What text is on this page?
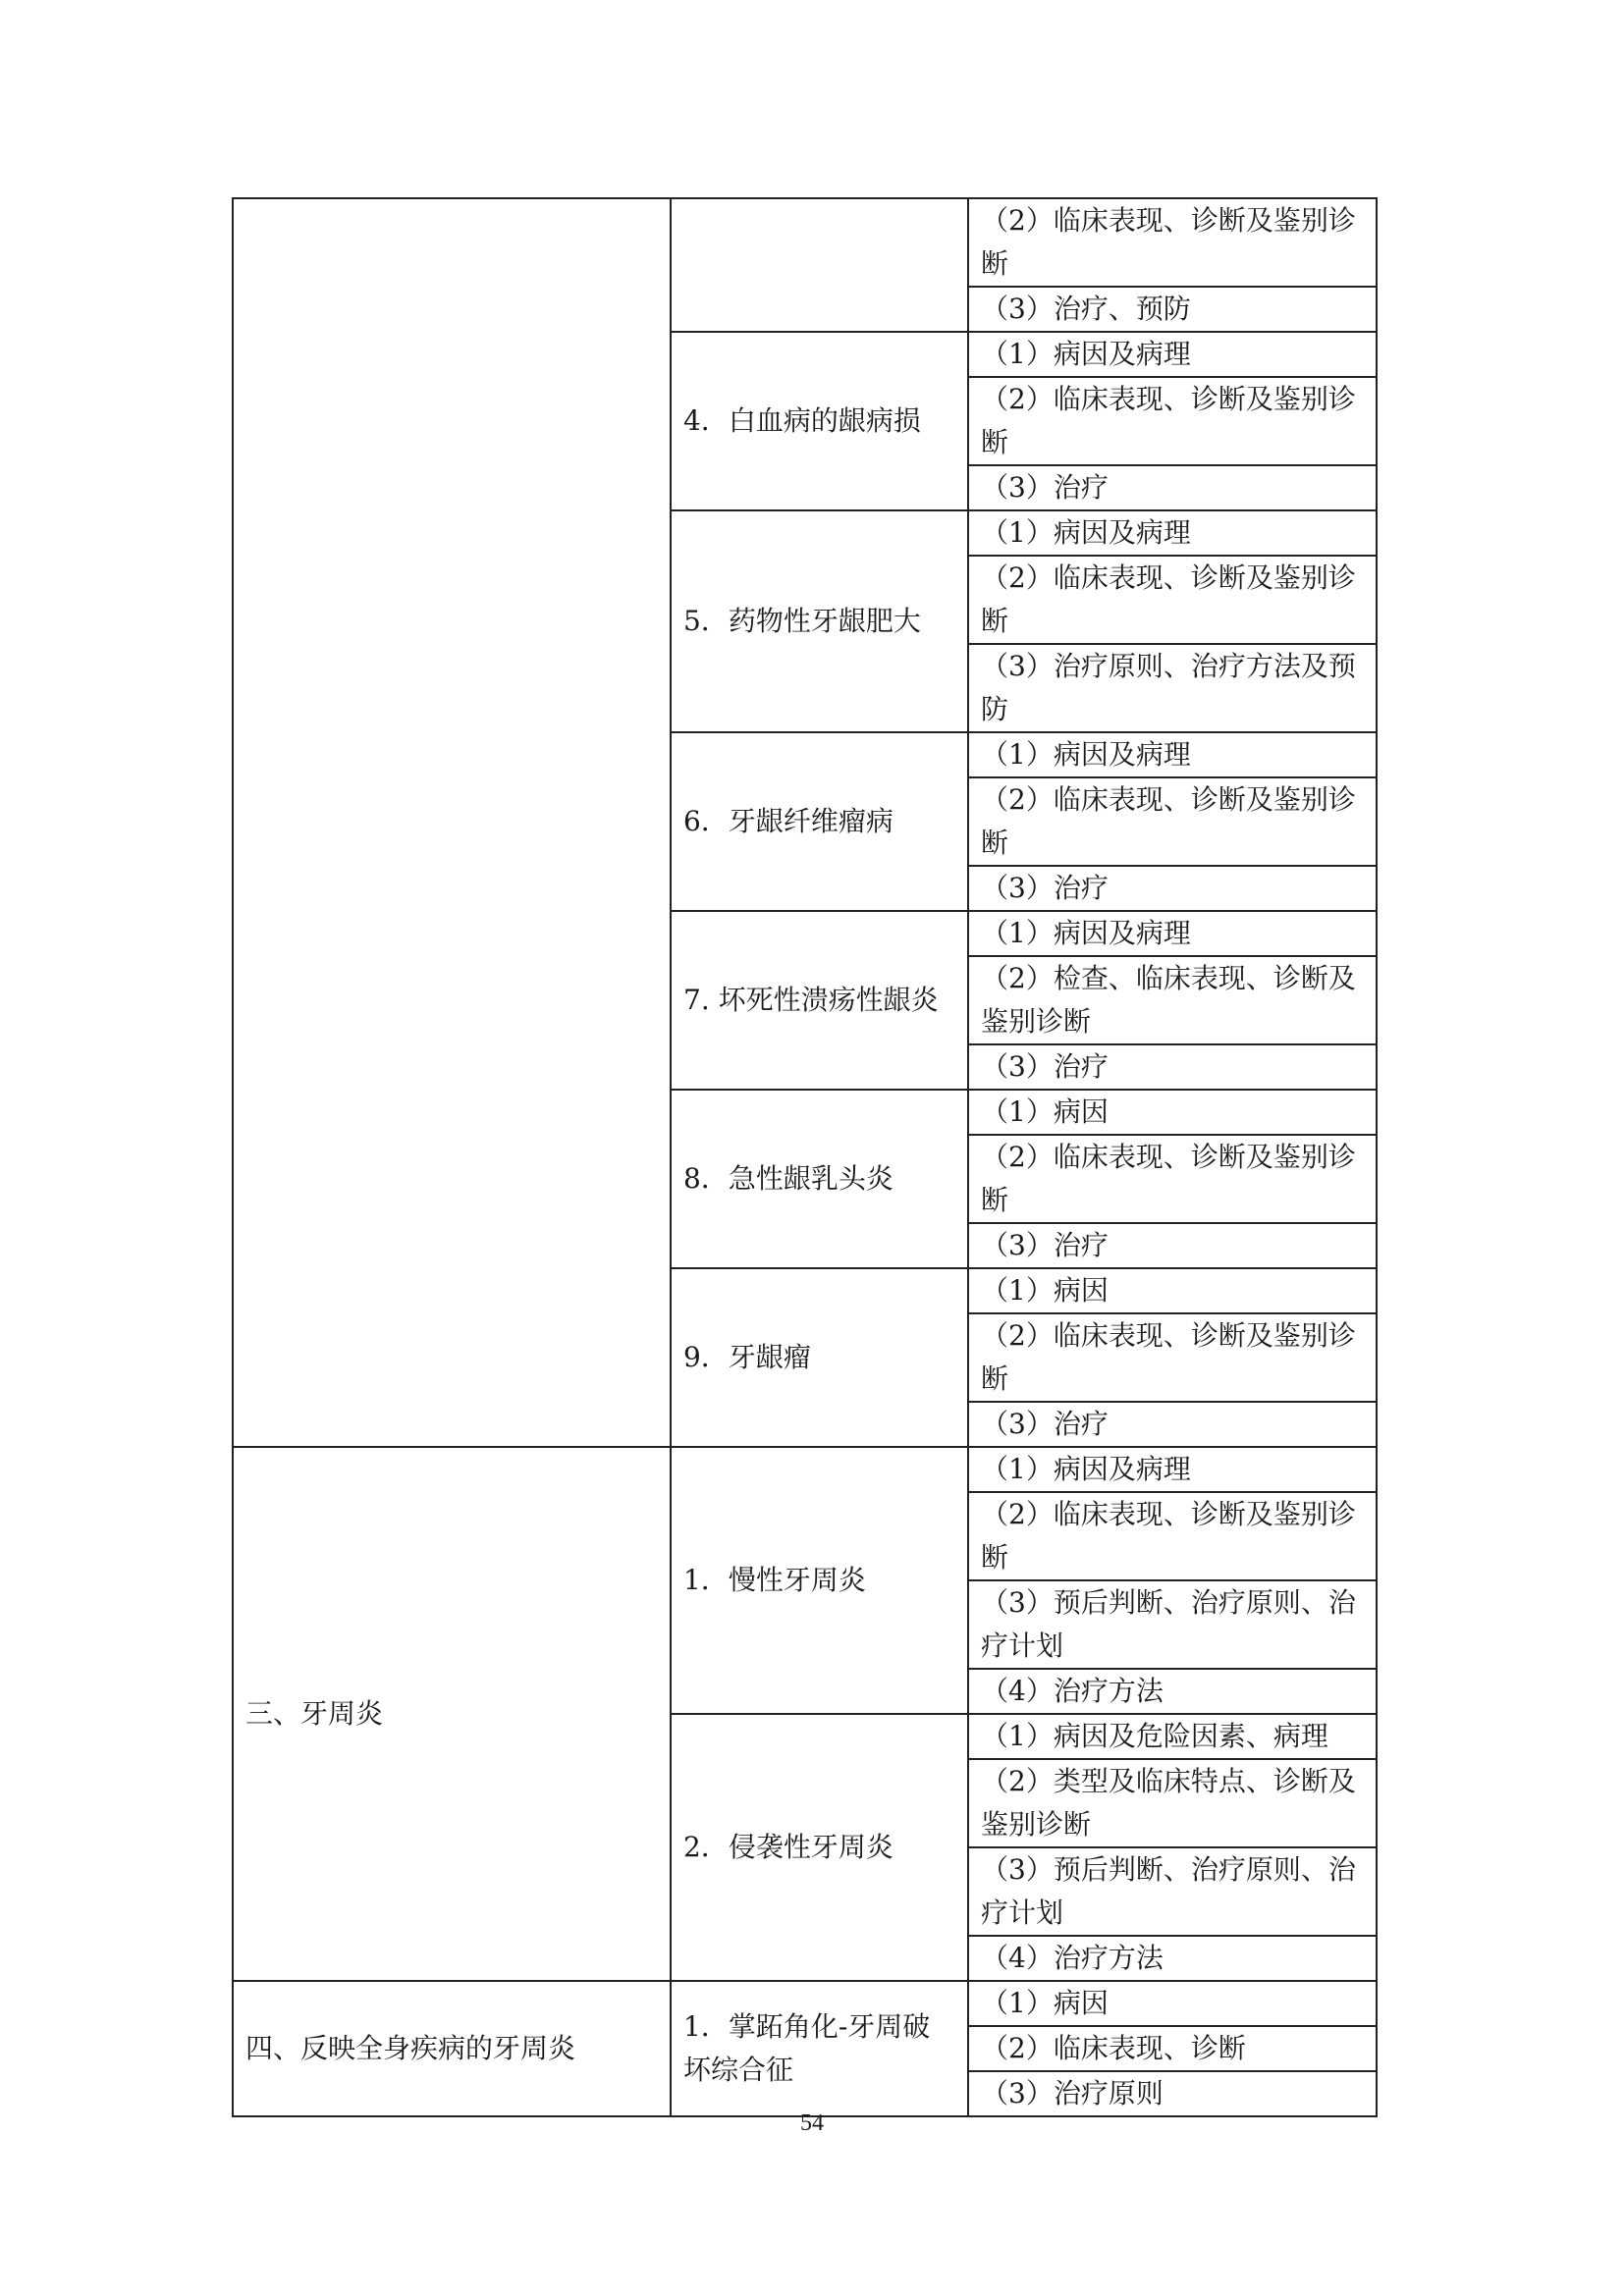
		（2）临床表现、诊断及鉴别诊断
		（3）治疗、预防
	4．白血病的龈病损	（1）病因及病理
		（2）临床表现、诊断及鉴别诊断
		（3）治疗
	5．药物性牙龈肥大	（1）病因及病理
		（2）临床表现、诊断及鉴别诊断
		（3）治疗原则、治疗方法及预防
	6．牙龈纤维瘤病	（1）病因及病理
		（2）临床表现、诊断及鉴别诊断
		（3）治疗
	7. 坏死性溃疡性龈炎	（1）病因及病理
		（2）检查、临床表现、诊断及鉴别诊断
		（3）治疗
	8．急性龈乳头炎	（1）病因
		（2）临床表现、诊断及鉴别诊断
		（3）治疗
	9．牙龈瘤	（1）病因
		（2）临床表现、诊断及鉴别诊断
		（3）治疗
三、牙周炎	1．慢性牙周炎	（1）病因及病理
		（2）临床表现、诊断及鉴别诊断
		（3）预后判断、治疗原则、治疗计划
		（4）治疗方法
	2．侵袭性牙周炎	（1）病因及危险因素、病理
		（2）类型及临床特点、诊断及鉴别诊断
		（3）预后判断、治疗原则、治疗计划
		（4）治疗方法
四、反映全身疾病的牙周炎	1．掌跖角化-牙周破坏综合征	（1）病因
		（2）临床表现、诊断
		（3）治疗原则
54
